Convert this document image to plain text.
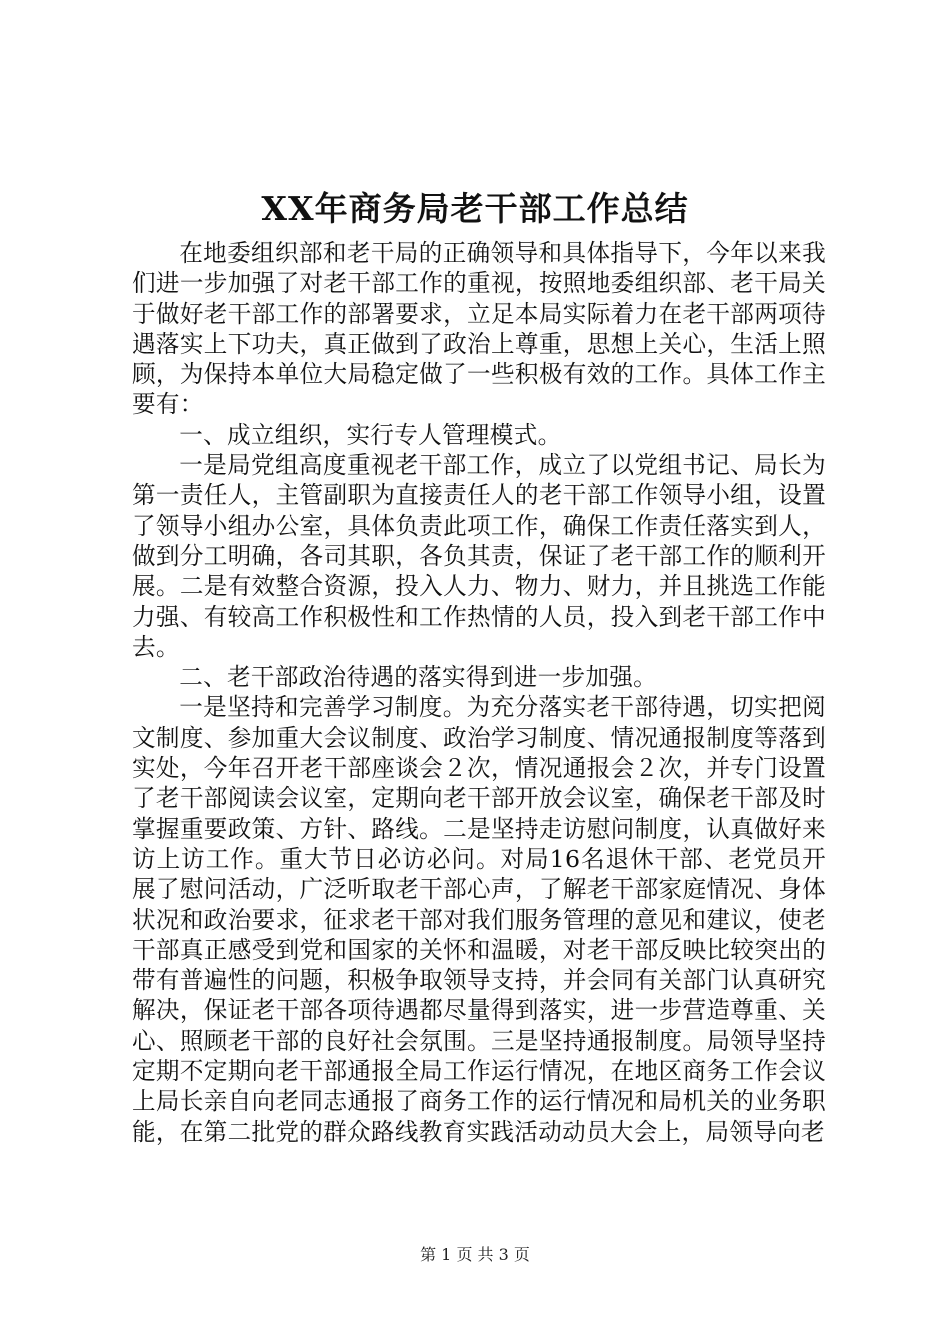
XX年商务局老干部工作总结

在地委组织部和老干局的正确领导和具体指导下，今年以来我们进一步加强了对老干部工作的重视，按照地委组织部、老干局关于做好老干部工作的部署要求，立足本局实际着力在老干部两项待遇落实上下功夫，真正做到了政治上尊重，思想上关心，生活上照顾，为保持本单位大局稳定做了一些积极有效的工作。具体工作主要有：

一、成立组织，实行专人管理模式。

一是局党组高度重视老干部工作，成立了以党组书记、局长为第一责任人，主管副职为直接责任人的老干部工作领导小组，设置了领导小组办公室，具体负责此项工作，确保工作责任落实到人，做到分工明确，各司其职，各负其责，保证了老干部工作的顺利开展。二是有效整合资源，投入人力、物力、财力，并且挑选工作能力强、有较高工作积极性和工作热情的人员，投入到老干部工作中去。

二、老干部政治待遇的落实得到进一步加强。

一是坚持和完善学习制度。为充分落实老干部待遇，切实把阅文制度、参加重大会议制度、政治学习制度、情况通报制度等落到实处，今年召开老干部座谈会２次，情况通报会２次，并专门设置了老干部阅读会议室，定期向老干部开放会议室，确保老干部及时掌握重要政策、方针、路线。二是坚持走访慰问制度，认真做好来访上访工作。重大节日必访必问。对局16名退休干部、老党员开展了慰问活动，广泛听取老干部心声，了解老干部家庭情况、身体状况和政治要求，征求老干部对我们服务管理的意见和建议，使老干部真正感受到党和国家的关怀和温暖，对老干部反映比较突出的带有普遍性的问题，积极争取领导支持，并会同有关部门认真研究解决，保证老干部各项待遇都尽量得到落实，进一步营造尊重、关心、照顾老干部的良好社会氛围。三是坚持通报制度。局领导坚持定期不定期向老干部通报全局工作运行情况，在地区商务工作会议上局长亲自向老同志通报了商务工作的运行情况和局机关的业务职能，在第二批党的群众路线教育实践活动动员大会上，局领导向老

第 1 页 共 3 页
